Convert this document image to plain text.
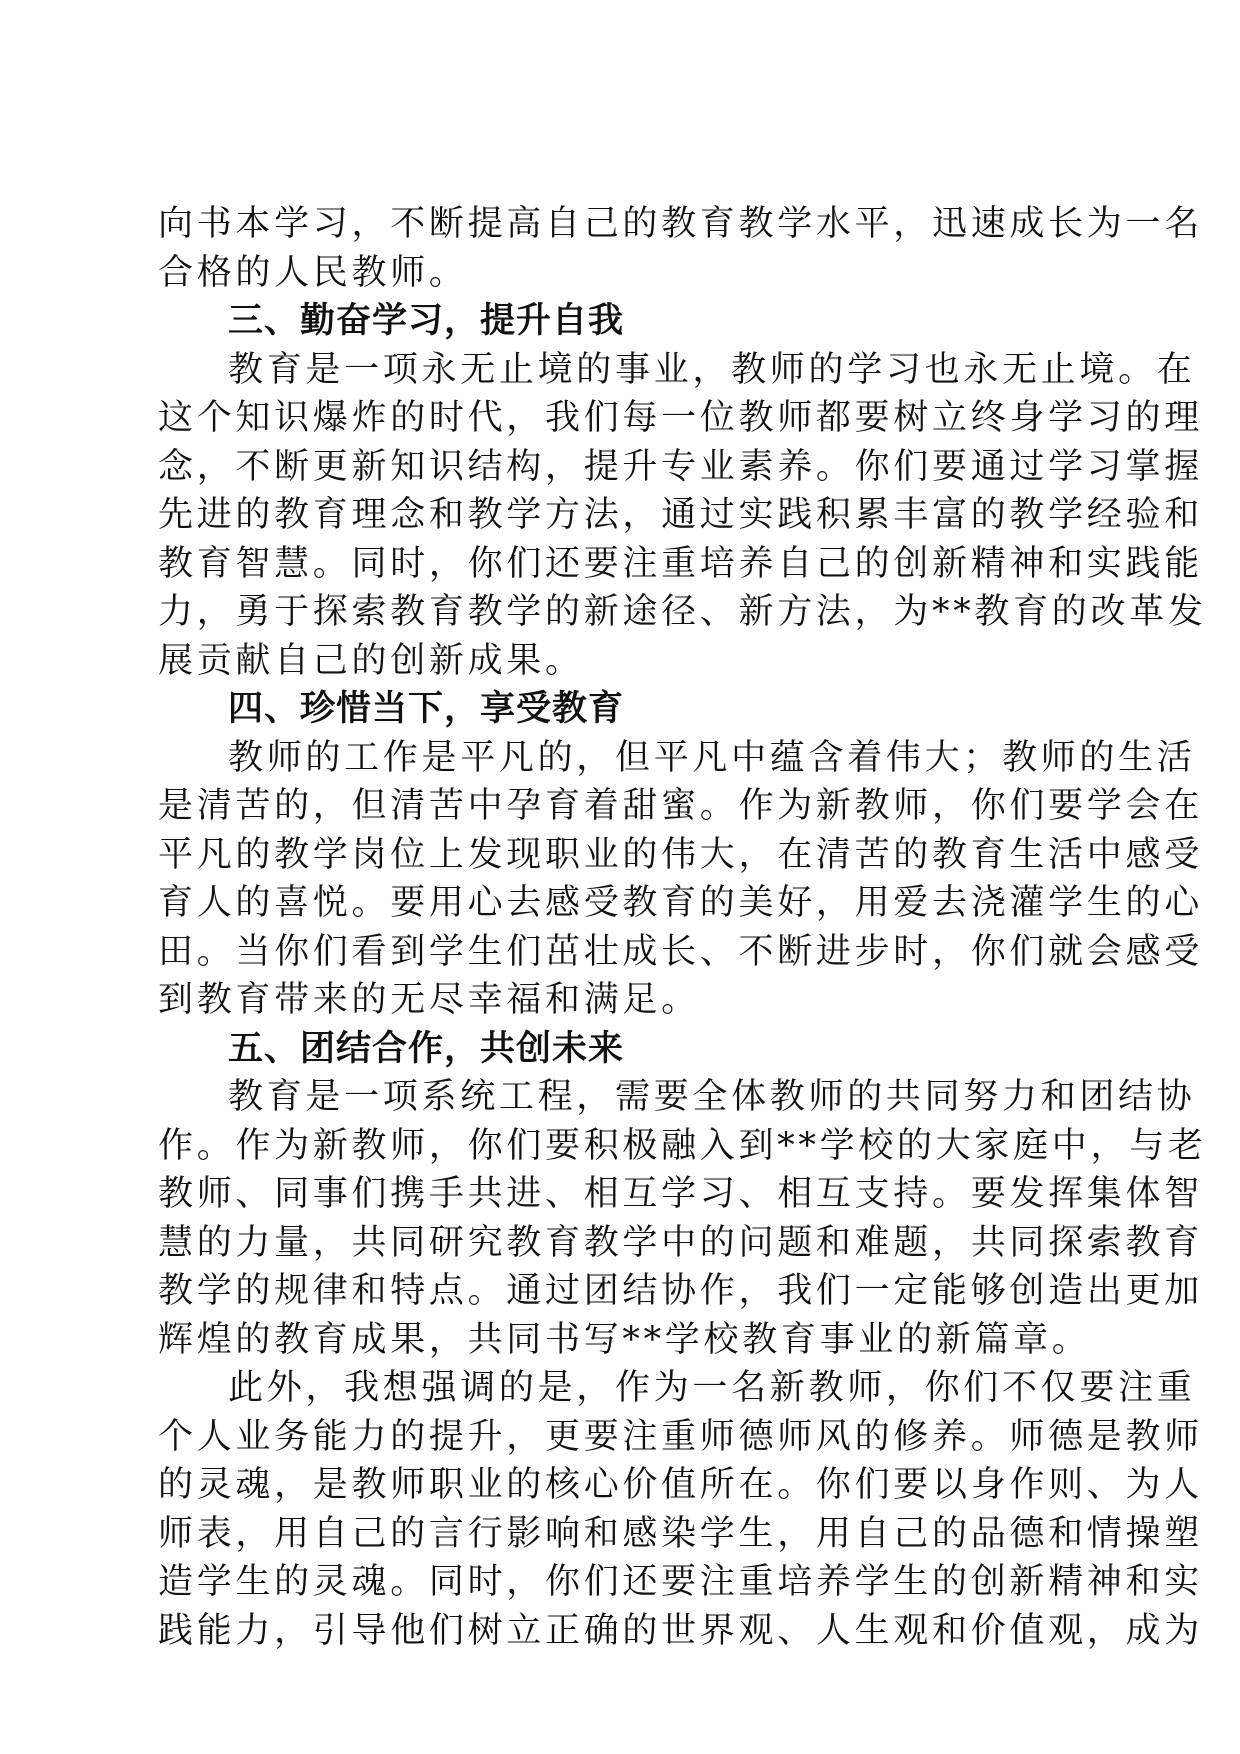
向书本学习，不断提高自己的教育教学水平，迅速成长为一名
合格的人民教师。
三、勤奋学习，提升自我
教育是一项永无止境的事业，教师的学习也永无止境。在
这个知识爆炸的时代，我们每一位教师都要树立终身学习的理
念，不断更新知识结构，提升专业素养。你们要通过学习掌握
先进的教育理念和教学方法，通过实践积累丰富的教学经验和
教育智慧。同时，你们还要注重培养自己的创新精神和实践能
力，勇于探索教育教学的新途径、新方法，为**教育的改革发
展贡献自己的创新成果。
四、珍惜当下，享受教育
教师的工作是平凡的，但平凡中蕴含着伟大；教师的生活
是清苦的，但清苦中孕育着甜蜜。作为新教师，你们要学会在
平凡的教学岗位上发现职业的伟大，在清苦的教育生活中感受
育人的喜悦。要用心去感受教育的美好，用爱去浇灌学生的心
田。当你们看到学生们茁壮成长、不断进步时，你们就会感受
到教育带来的无尽幸福和满足。
五、团结合作，共创未来
教育是一项系统工程，需要全体教师的共同努力和团结协
作。作为新教师，你们要积极融入到**学校的大家庭中，与老
教师、同事们携手共进、相互学习、相互支持。要发挥集体智
慧的力量，共同研究教育教学中的问题和难题，共同探索教育
教学的规律和特点。通过团结协作，我们一定能够创造出更加
辉煌的教育成果，共同书写**学校教育事业的新篇章。
此外，我想强调的是，作为一名新教师，你们不仅要注重
个人业务能力的提升，更要注重师德师风的修养。师德是教师
的灵魂，是教师职业的核心价值所在。你们要以身作则、为人
师表，用自己的言行影响和感染学生，用自己的品德和情操塑
造学生的灵魂。同时，你们还要注重培养学生的创新精神和实
践能力，引导他们树立正确的世界观、人生观和价值观，成为
